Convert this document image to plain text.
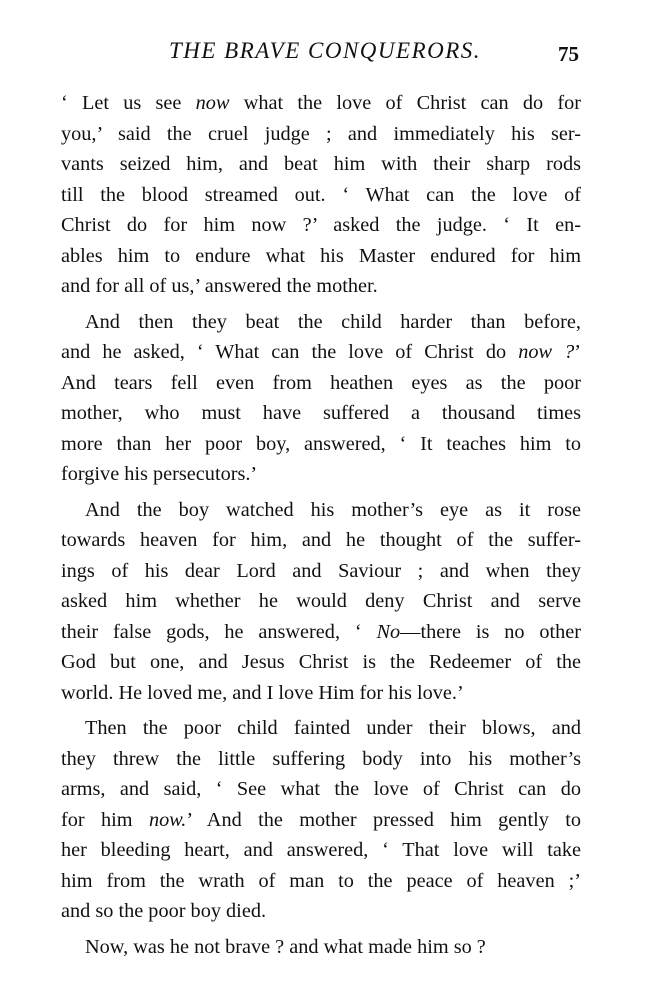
THE BRAVE CONQUERORS.	75
‘ Let us see now what the love of Christ can do for
you,’ said the cruel judge ; and immediately his ser-
vants seized him, and beat him with their sharp rods
till the blood streamed out. ‘ What can the love of
Christ do for him now ?’ asked the judge. ‘ It en-
ables him to endure what his Master endured for him
and for all of us,’ answered the mother.
And then they beat the child harder than before,
and he asked, ‘ What can the love of Christ do now ?’
And tears fell even from heathen eyes as the poor
mother, who must have suffered a thousand times
more than her poor boy, answered, ‘ It teaches him to
forgive his persecutors.’
And the boy watched his mother’s eye as it rose
towards heaven for him, and he thought of the suffer-
ings of his dear Lord and Saviour ; and when they
asked him whether he would deny Christ and serve
their false gods, he answered, ‘ No—there is no other
God but one, and Jesus Christ is the Redeemer of the
world. He loved me, and I love Him for his love.’
Then the poor child fainted under their blows, and
they threw the little suffering body into his mother’s
arms, and said, ‘ See what the love of Christ can do
for him now.’ And the mother pressed him gently to
her bleeding heart, and answered, ‘ That love will take
him from the wrath of man to the peace of heaven ;’
and so the poor boy died.
Now, was he not brave ? and what made him so ?
